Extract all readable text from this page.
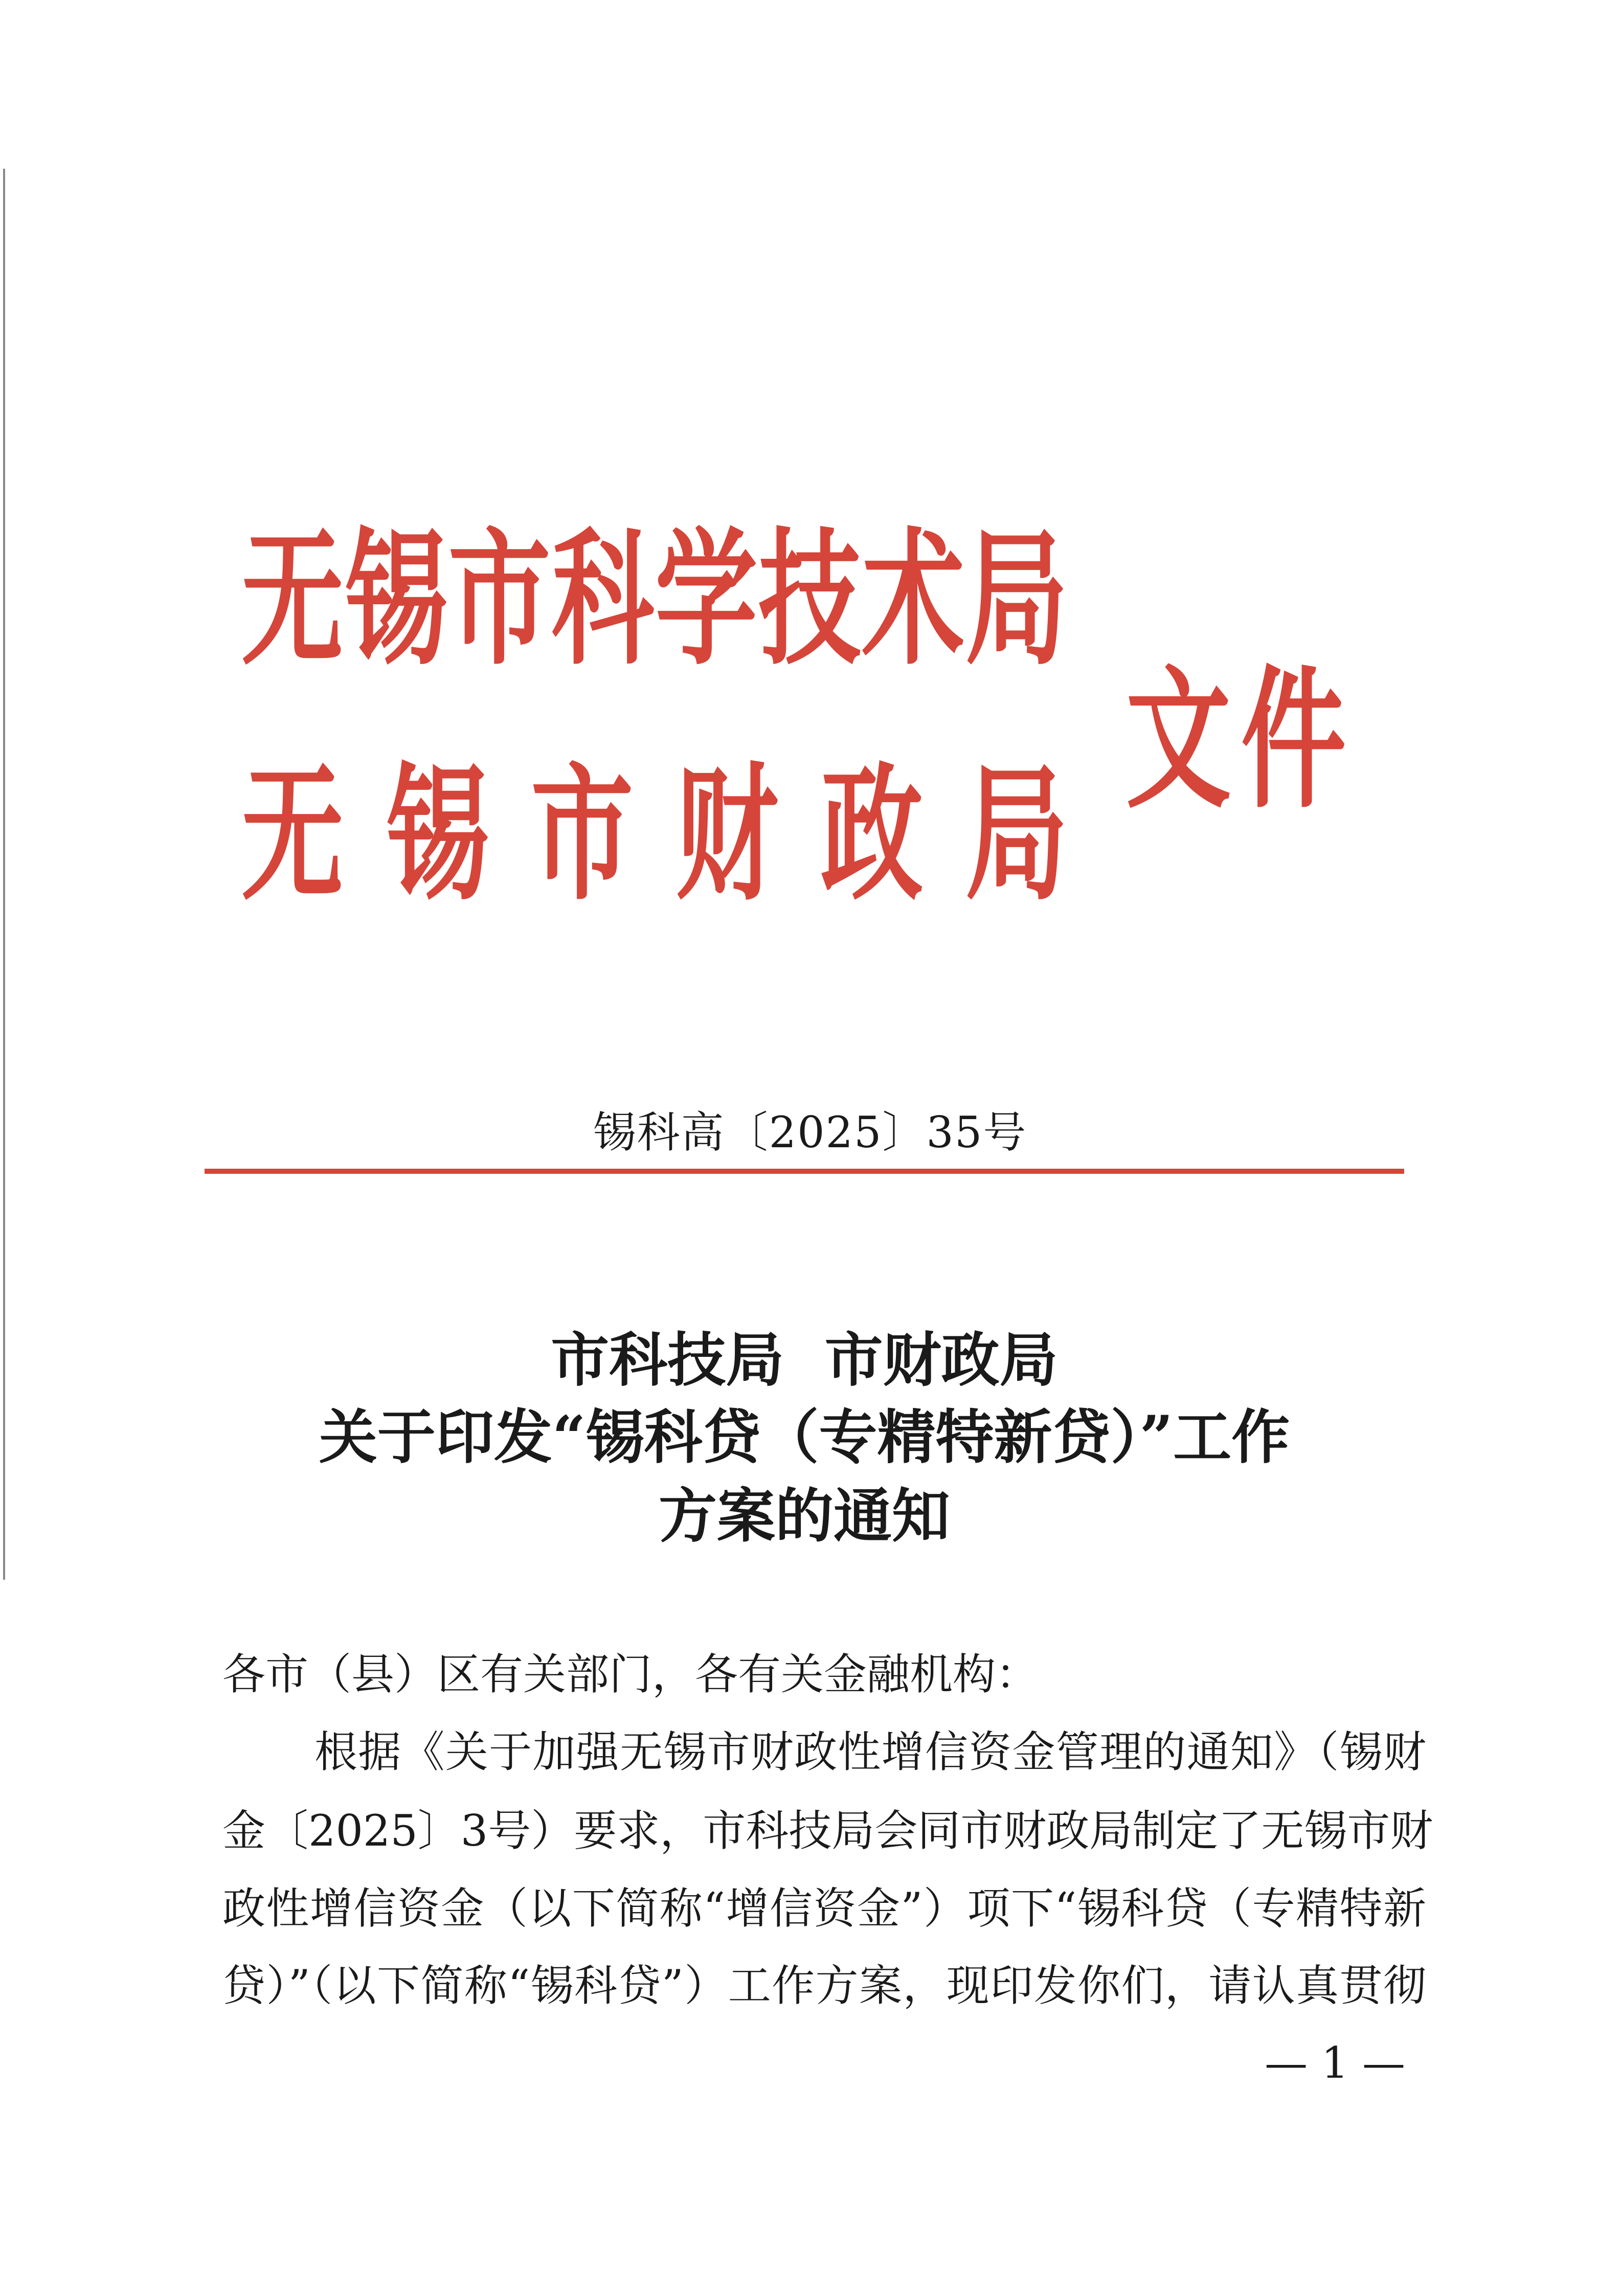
无锡市科学技术局
无锡市财政局
文件
锡科高〔2025〕35号
市科技局  市财政局
关于印发“锡科贷（专精特新贷）”工作
方案的通知
各市（县）区有关部门，各有关金融机构：
根据《关于加强无锡市财政性增信资金管理的通知》（锡财
金〔2025〕3号）要求，市科技局会同市财政局制定了无锡市财
政性增信资金（以下简称“增信资金”）项下“锡科贷（专精特新
贷）”（以下简称“锡科贷”）工作方案，现印发你们，请认真贯彻
— 1 —
